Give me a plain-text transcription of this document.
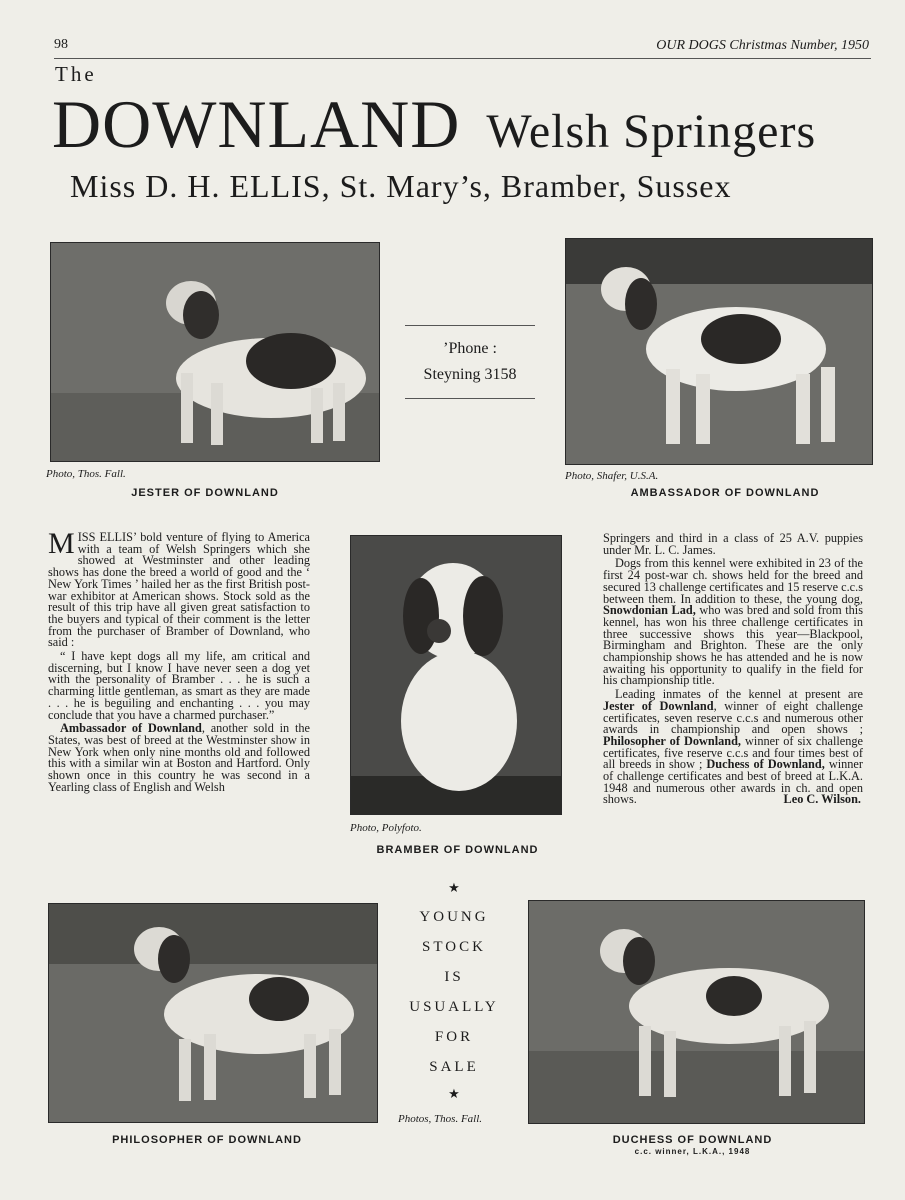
98	OUR DOGS Christmas Number, 1950
The
DOWNLAND Welsh Springers
Miss D. H. ELLIS, St. Mary’s, Bramber, Sussex
Photo, Thos. Fall.
JESTER OF DOWNLAND
’Phone :
Steyning 3158
Photo, Shafer, U.S.A.
AMBASSADOR OF DOWNLAND

MISS ELLIS’ bold venture of flying to America with a team of Welsh Springers which she showed at Westminster and other leading shows has done the breed a world of good and the ‘ New York Times ’ hailed her as the first British post-war exhibitor at American shows. Stock sold as the result of this trip have all given great satisfaction to the buyers and typical of their comment is the letter from the purchaser of Bramber of Downland, who said :

“ I have kept dogs all my life, am critical and discerning, but I know I have never seen a dog yet with the personality of Bramber . . . he is such a charming little gentleman, as smart as they are made . . . he is beguiling and enchanting . . . you may conclude that you have a charmed purchaser.”

Ambassador of Downland, another sold in the States, was best of breed at the Westminster show in New York when only nine months old and followed this with a similar win at Boston and Hartford. Only shown once in this country he was second in a Yearling class of English and Welsh

Photo, Polyfoto.
BRAMBER OF DOWNLAND

Springers and third in a class of 25 A.V. puppies under Mr. L. C. James.

Dogs from this kennel were exhibited in 23 of the first 24 post-war ch. shows held for the breed and secured 13 challenge certificates and 15 reserve c.c.s between them. In addition to these, the young dog, Snowdonian Lad, who was bred and sold from this kennel, has won his three challenge certificates in three successive shows this year—Blackpool, Birmingham and Brighton. These are the only championship shows he has attended and he is now awaiting his opportunity to qualify in the field for his championship title.

Leading inmates of the kennel at present are Jester of Downland, winner of eight challenge certificates, seven reserve c.c.s and numerous other awards in championship and open shows ; Philosopher of Downland, winner of six challenge certificates, five reserve c.c.s and four times best of all breeds in show ; Duchess of Downland, winner of challenge certificates and best of breed at L.K.A. 1948 and numerous other awards in ch. and open shows.	Leo C. Wilson.

PHILOSOPHER OF DOWNLAND
★
YOUNG
STOCK
IS
USUALLY
FOR
SALE
★
Photos, Thos. Fall.
DUCHESS OF DOWNLAND
c.c. winner, L.K.A., 1948
